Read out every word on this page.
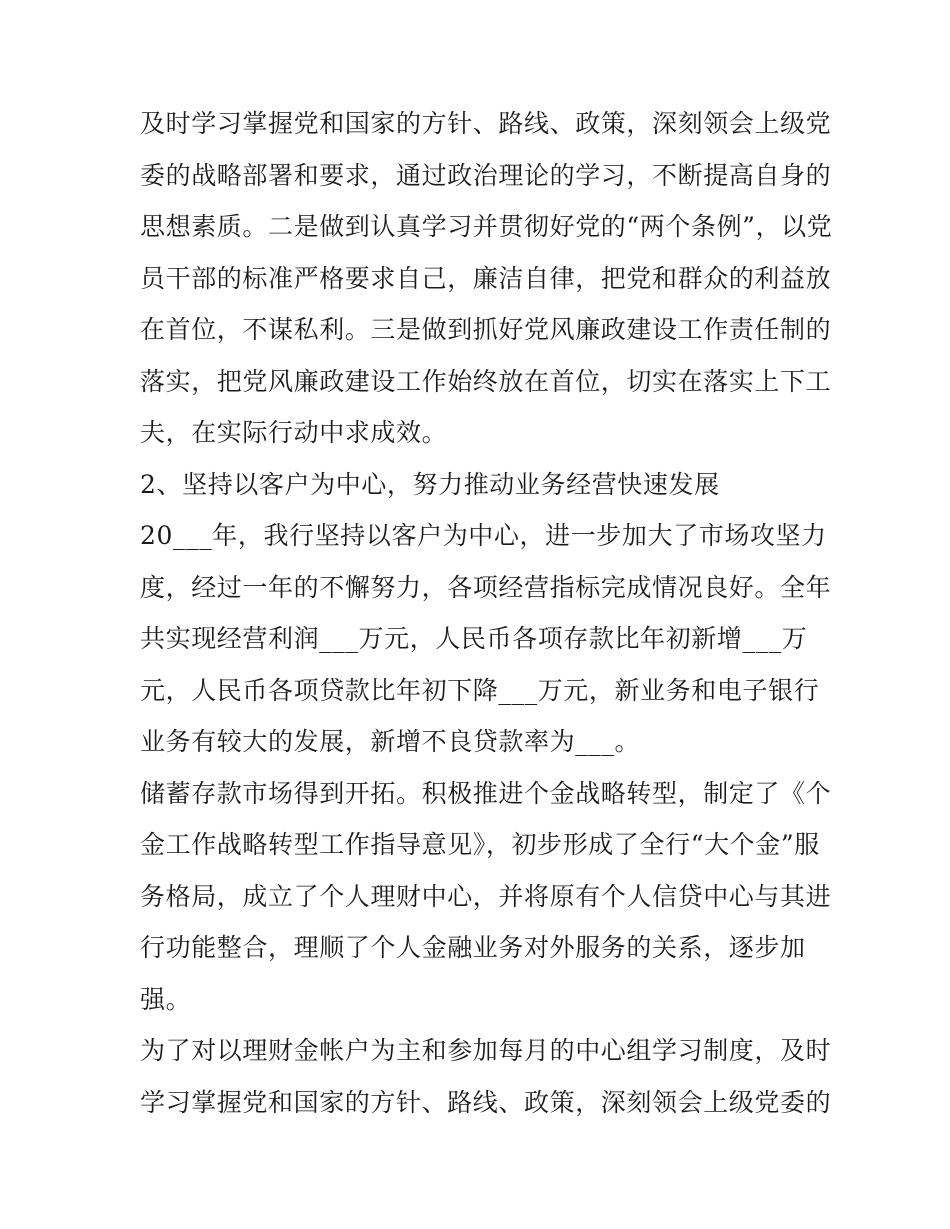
及时学习掌握党和国家的方针、路线、政策，深刻领会上级党
委的战略部署和要求，通过政治理论的学习，不断提高自身的
思想素质。二是做到认真学习并贯彻好党的“两个条例”，以党
员干部的标准严格要求自己，廉洁自律，把党和群众的利益放
在首位，不谋私利。三是做到抓好党风廉政建设工作责任制的
落实，把党风廉政建设工作始终放在首位，切实在落实上下工
夫，在实际行动中求成效。

2、坚持以客户为中心，努力推动业务经营快速发展

20___年，我行坚持以客户为中心，进一步加大了市场攻坚力
度，经过一年的不懈努力，各项经营指标完成情况良好。全年
共实现经营利润___万元，人民币各项存款比年初新增___万
元，人民币各项贷款比年初下降___万元，新业务和电子银行
业务有较大的发展，新增不良贷款率为___。

储蓄存款市场得到开拓。积极推进个金战略转型，制定了《个
金工作战略转型工作指导意见》，初步形成了全行“大个金”服
务格局，成立了个人理财中心，并将原有个人信贷中心与其进
行功能整合，理顺了个人金融业务对外服务的关系，逐步加
强。

为了对以理财金帐户为主和参加每月的中心组学习制度，及时
学习掌握党和国家的方针、路线、政策，深刻领会上级党委的
